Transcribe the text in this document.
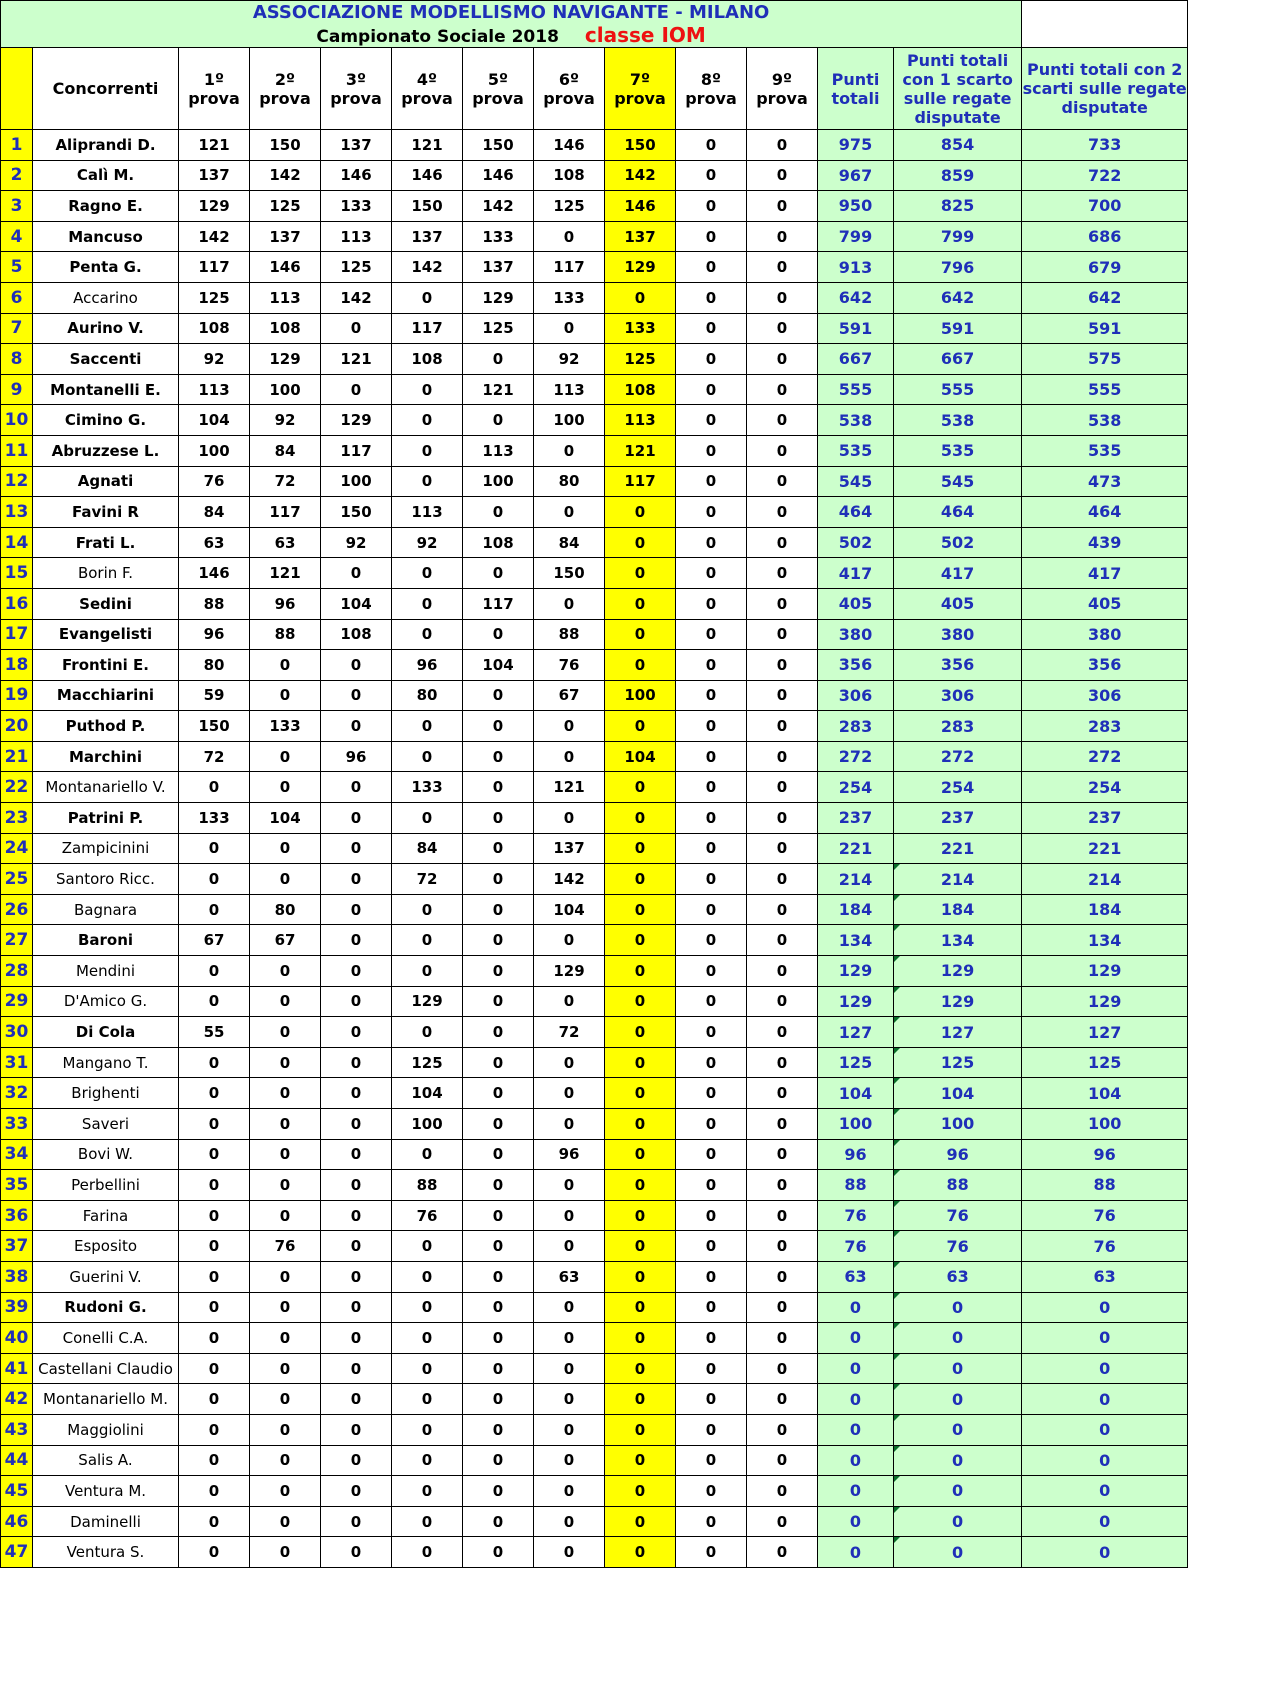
ASSOCIAZIONE MODELLISMO NAVIGANTE - MILANO													
Campionato Sociale 2018 classe IOM													
	Concorrenti	1º prova	2º prova	3º prova	4º prova	5º prova	6º prova	7º prova	8º prova	9º prova	Punti totali	Punti totali con 1 scarto sulle regate disputate	Punti totali con 2 scarti sulle regate disputate
1	Aliprandi D.	121	150	137	121	150	146	150	0	0	975	854	733
2	Calì M.	137	142	146	146	146	108	142	0	0	967	859	722
3	Ragno E.	129	125	133	150	142	125	146	0	0	950	825	700
4	Mancuso	142	137	113	137	133	0	137	0	0	799	799	686
5	Penta G.	117	146	125	142	137	117	129	0	0	913	796	679
6	Accarino	125	113	142	0	129	133	0	0	0	642	642	642
7	Aurino V.	108	108	0	117	125	0	133	0	0	591	591	591
8	Saccenti	92	129	121	108	0	92	125	0	0	667	667	575
9	Montanelli E.	113	100	0	0	121	113	108	0	0	555	555	555
10	Cimino G.	104	92	129	0	0	100	113	0	0	538	538	538
11	Abruzzese L.	100	84	117	0	113	0	121	0	0	535	535	535
12	Agnati	76	72	100	0	100	80	117	0	0	545	545	473
13	Favini R	84	117	150	113	0	0	0	0	0	464	464	464
14	Frati L.	63	63	92	92	108	84	0	0	0	502	502	439
15	Borin F.	146	121	0	0	0	150	0	0	0	417	417	417
16	Sedini	88	96	104	0	117	0	0	0	0	405	405	405
17	Evangelisti	96	88	108	0	0	88	0	0	0	380	380	380
18	Frontini E.	80	0	0	96	104	76	0	0	0	356	356	356
19	Macchiarini	59	0	0	80	0	67	100	0	0	306	306	306
20	Puthod P.	150	133	0	0	0	0	0	0	0	283	283	283
21	Marchini	72	0	96	0	0	0	104	0	0	272	272	272
22	Montanariello V.	0	0	0	133	0	121	0	0	0	254	254	254
23	Patrini P.	133	104	0	0	0	0	0	0	0	237	237	237
24	Zampicinini	0	0	0	84	0	137	0	0	0	221	221	221
25	Santoro Ricc.	0	0	0	72	0	142	0	0	0	214	214	214
26	Bagnara	0	80	0	0	0	104	0	0	0	184	184	184
27	Baroni	67	67	0	0	0	0	0	0	0	134	134	134
28	Mendini	0	0	0	0	0	129	0	0	0	129	129	129
29	D'Amico G.	0	0	0	129	0	0	0	0	0	129	129	129
30	Di Cola	55	0	0	0	0	72	0	0	0	127	127	127
31	Mangano T.	0	0	0	125	0	0	0	0	0	125	125	125
32	Brighenti	0	0	0	104	0	0	0	0	0	104	104	104
33	Saveri	0	0	0	100	0	0	0	0	0	100	100	100
34	Bovi W.	0	0	0	0	0	96	0	0	0	96	96	96
35	Perbellini	0	0	0	88	0	0	0	0	0	88	88	88
36	Farina	0	0	0	76	0	0	0	0	0	76	76	76
37	Esposito	0	76	0	0	0	0	0	0	0	76	76	76
38	Guerini V.	0	0	0	0	0	63	0	0	0	63	63	63
39	Rudoni G.	0	0	0	0	0	0	0	0	0	0	0	0
40	Conelli C.A.	0	0	0	0	0	0	0	0	0	0	0	0
41	Castellani Claudio	0	0	0	0	0	0	0	0	0	0	0	0
42	Montanariello M.	0	0	0	0	0	0	0	0	0	0	0	0
43	Maggiolini	0	0	0	0	0	0	0	0	0	0	0	0
44	Salis A.	0	0	0	0	0	0	0	0	0	0	0	0
45	Ventura M.	0	0	0	0	0	0	0	0	0	0	0	0
46	Daminelli	0	0	0	0	0	0	0	0	0	0	0	0
47	Ventura S.	0	0	0	0	0	0	0	0	0	0	0	0
